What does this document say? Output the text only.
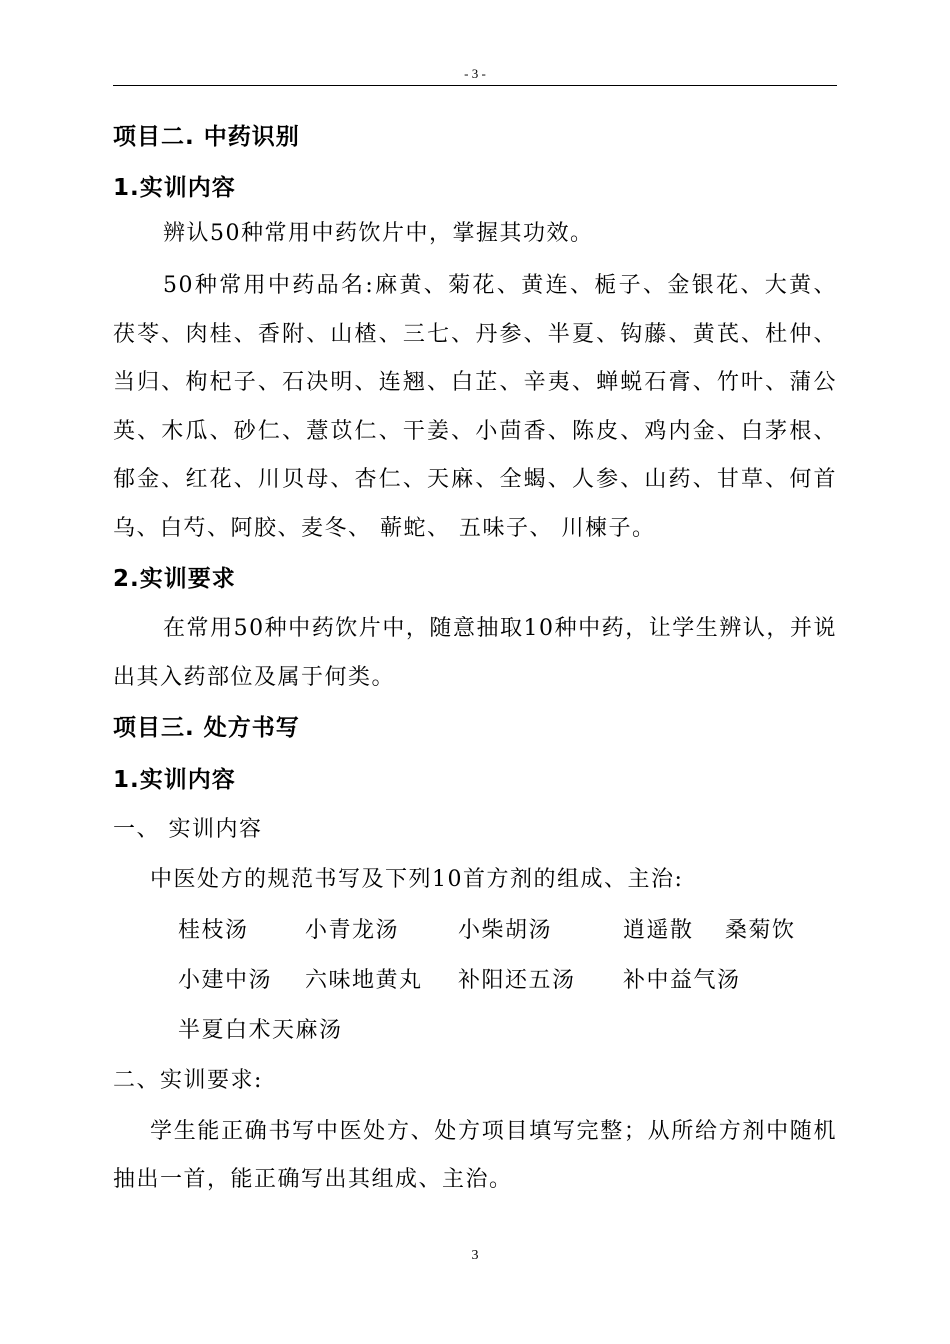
- 3 -

项目二. 中药识别

1.实训内容

辨认50种常用中药饮片中，掌握其功效。

50种常用中药品名:麻黄、菊花、黄连、栀子、金银花、大黄、茯苓、肉桂、香附、山楂、三七、丹参、半夏、钩藤、黄芪、杜仲、当归、枸杞子、石决明、连翘、白芷、辛夷、蝉蜕石膏、竹叶、蒲公英、木瓜、砂仁、薏苡仁、干姜、小茴香、陈皮、鸡内金、白茅根、郁金、红花、川贝母、杏仁、天麻、全蝎、人参、山药、甘草、何首乌、白芍、阿胶、麦冬、 蕲蛇、 五味子、 川楝子。

2.实训要求

在常用50种中药饮片中，随意抽取10种中药，让学生辨认，并说出其入药部位及属于何类。

项目三. 处方书写

1.实训内容

一、 实训内容

中医处方的规范书写及下列10首方剂的组成、主治:

桂枝汤	小青龙汤	小柴胡汤	逍遥散 桑菊饮
小建中汤 六味地黄丸 补阳还五汤 补中益气汤
半夏白术天麻汤

二、实训要求:

学生能正确书写中医处方、处方项目填写完整；从所给方剂中随机抽出一首，能正确写出其组成、主治。

3
